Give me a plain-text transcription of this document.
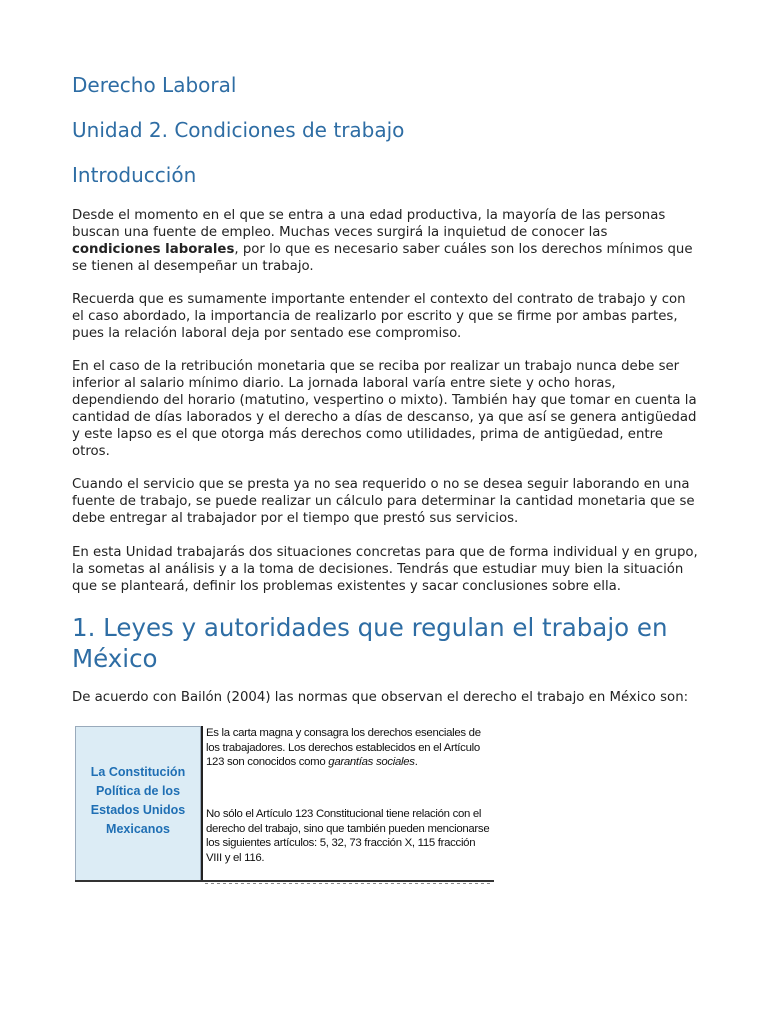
Derecho Laboral
Unidad 2. Condiciones de trabajo
Introducción

Desde el momento en el que se entra a una edad productiva, la mayoría de las personas buscan una fuente de empleo. Muchas veces surgirá la inquietud de conocer las condiciones laborales, por lo que es necesario saber cuáles son los derechos mínimos que se tienen al desempeñar un trabajo.

Recuerda que es sumamente importante entender el contexto del contrato de trabajo y con el caso abordado, la importancia de realizarlo por escrito y que se firme por ambas partes, pues la relación laboral deja por sentado ese compromiso.

En el caso de la retribución monetaria que se reciba por realizar un trabajo nunca debe ser inferior al salario mínimo diario. La jornada laboral varía entre siete y ocho horas, dependiendo del horario (matutino, vespertino o mixto). También hay que tomar en cuenta la cantidad de días laborados y el derecho a días de descanso, ya que así se genera antigüedad y este lapso es el que otorga más derechos como utilidades, prima de antigüedad, entre otros.

Cuando el servicio que se presta ya no sea requerido o no se desea seguir laborando en una fuente de trabajo, se puede realizar un cálculo para determinar la cantidad monetaria que se debe entregar al trabajador por el tiempo que prestó sus servicios.

En esta Unidad trabajarás dos situaciones concretas para que de forma individual y en grupo, la sometas al análisis y a la toma de decisiones. Tendrás que estudiar muy bien la situación que se planteará, definir los problemas existentes y sacar conclusiones sobre ella.

1. Leyes y autoridades que regulan el trabajo en México

De acuerdo con Bailón (2004) las normas que observan el derecho el trabajo en México son:

La Constitución Política de los Estados Unidos Mexicanos

Es la carta magna y consagra los derechos esenciales de los trabajadores. Los derechos establecidos en el Artículo 123 son conocidos como garantías sociales.

No sólo el Artículo 123 Constitucional tiene relación con el derecho del trabajo, sino que también pueden mencionarse los siguientes artículos: 5, 32, 73 fracción X, 115 fracción VIII y el 116.
